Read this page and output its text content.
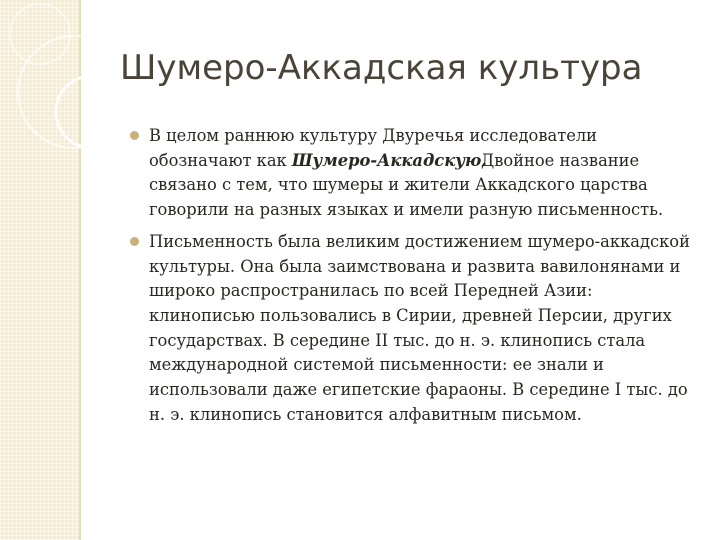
Шумеро-Аккадская культура
В целом раннюю культуру Двуречья исследователи обозначают как Шумеро-Аккадскую.Двойное название связано с тем, что шумеры и жители Аккадского царства говорили на разных языках и имели разную письменность.
Письменность была великим достижением шумеро-аккадской культуры. Она была заимствована и развита вавилонянами и широко распространилась по всей Передней Азии: клинописью пользовались в Сирии, древней Персии, других государствах. В середине II тыс. до н. э. клинопись стала международной системой письменности: ее знали и использовали даже египетские фараоны. В середине I тыс. до н. э. клинопись становится алфавитным письмом.
